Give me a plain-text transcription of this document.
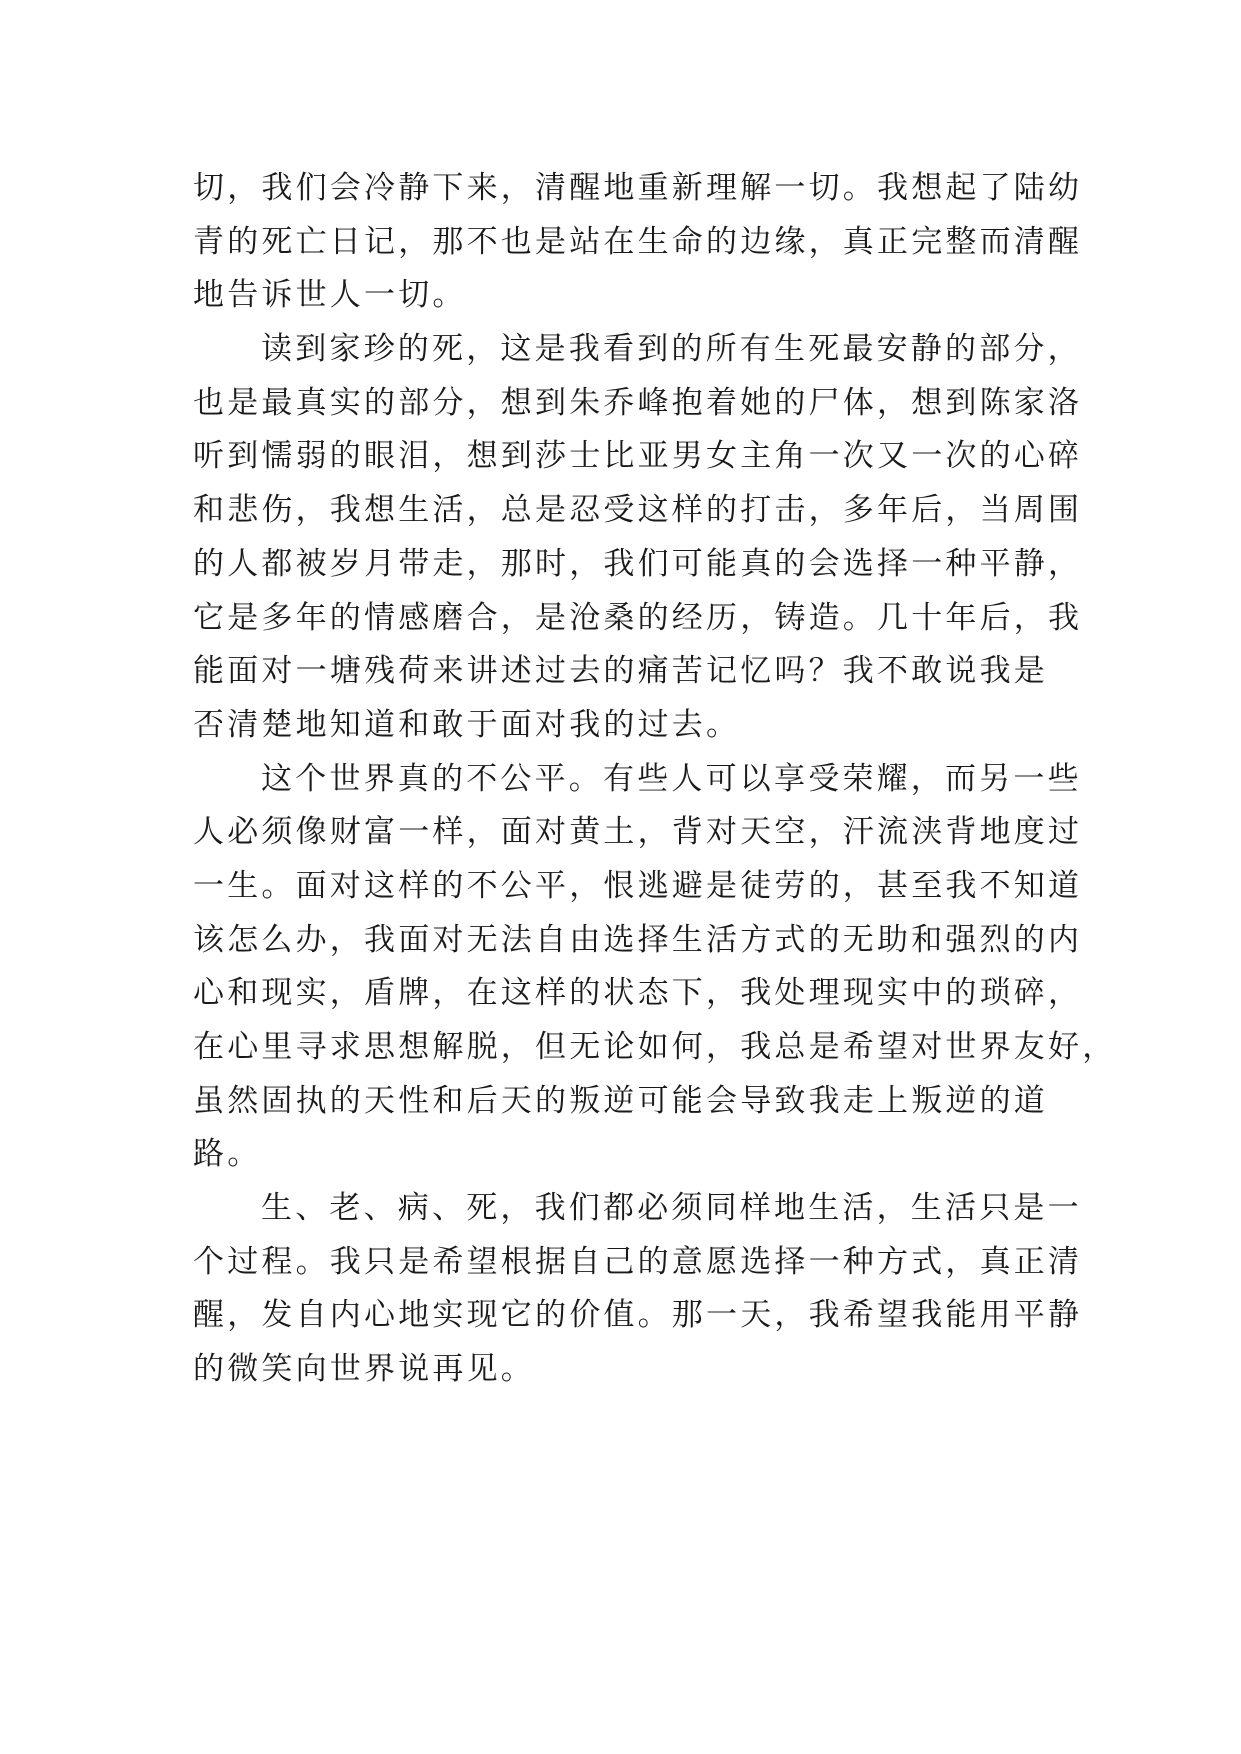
切，我们会冷静下来，清醒地重新理解一切。我想起了陆幼
青的死亡日记，那不也是站在生命的边缘，真正完整而清醒
地告诉世人一切。
读到家珍的死，这是我看到的所有生死最安静的部分，
也是最真实的部分，想到朱乔峰抱着她的尸体，想到陈家洛
听到懦弱的眼泪，想到莎士比亚男女主角一次又一次的心碎
和悲伤，我想生活，总是忍受这样的打击，多年后，当周围
的人都被岁月带走，那时，我们可能真的会选择一种平静，
它是多年的情感磨合，是沧桑的经历，铸造。几十年后，我
能面对一塘残荷来讲述过去的痛苦记忆吗？我不敢说我是
否清楚地知道和敢于面对我的过去。
这个世界真的不公平。有些人可以享受荣耀，而另一些
人必须像财富一样，面对黄土，背对天空，汗流浃背地度过
一生。面对这样的不公平，恨逃避是徒劳的，甚至我不知道
该怎么办，我面对无法自由选择生活方式的无助和强烈的内
心和现实，盾牌，在这样的状态下，我处理现实中的琐碎，
在心里寻求思想解脱，但无论如何，我总是希望对世界友好，
虽然固执的天性和后天的叛逆可能会导致我走上叛逆的道
路。
生、老、病、死，我们都必须同样地生活，生活只是一
个过程。我只是希望根据自己的意愿选择一种方式，真正清
醒，发自内心地实现它的价值。那一天，我希望我能用平静
的微笑向世界说再见。
